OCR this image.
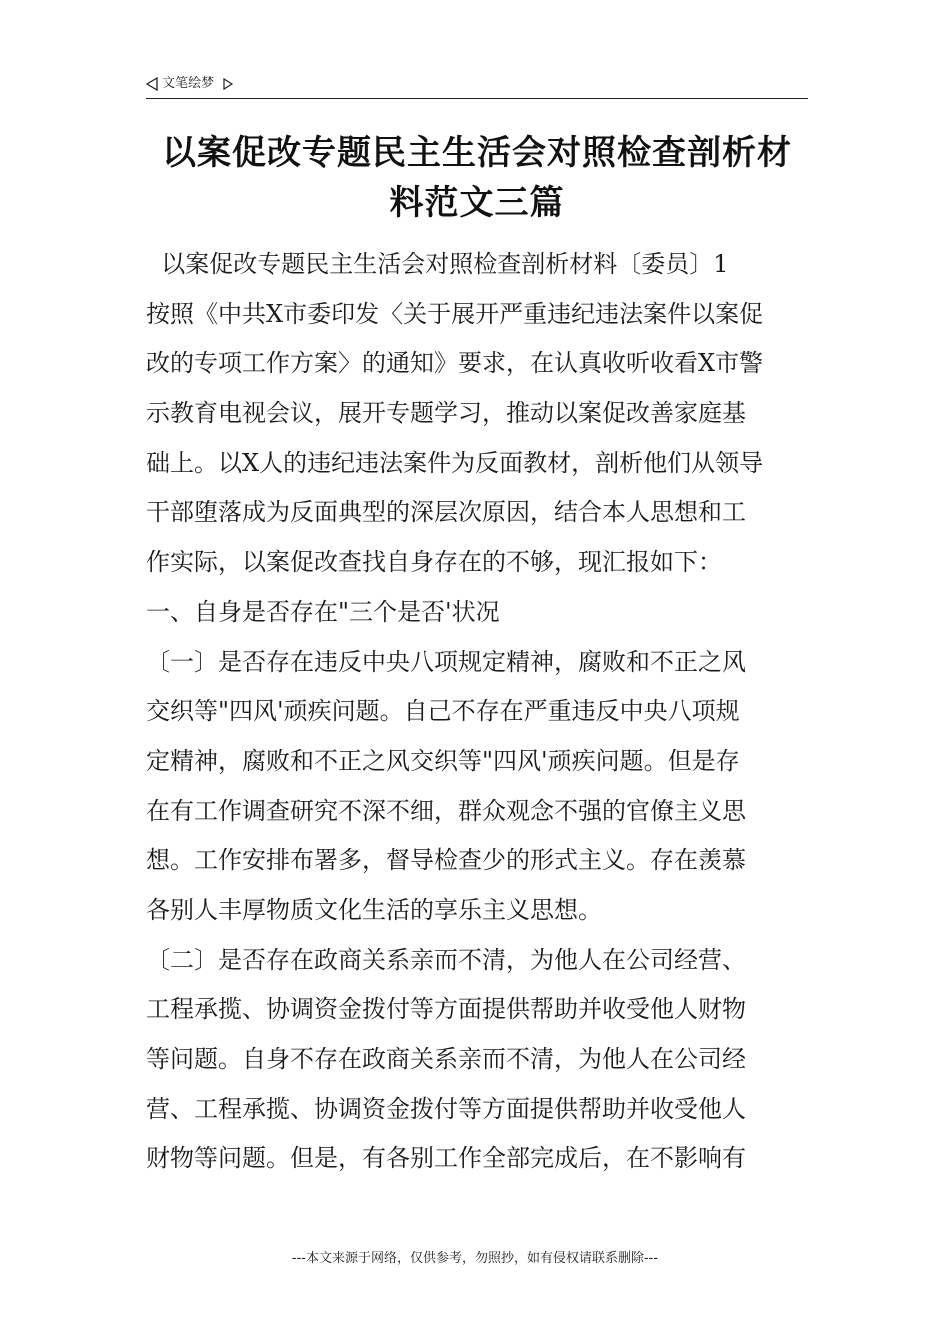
文笔绘梦
以案促改专题民主生活会对照检查剖析材
料范文三篇
以案促改专题民主生活会对照检查剖析材料〔委员〕1
按照《中共X市委印发〈关于展开严重违纪违法案件以案促
改的专项工作方案〉的通知》要求，在认真收听收看X市警
示教育电视会议，展开专题学习，推动以案促改善家庭基
础上。以X人的违纪违法案件为反面教材，剖析他们从领导
干部堕落成为反面典型的深层次原因，结合本人思想和工
作实际，以案促改查找自身存在的不够，现汇报如下：
一、自身是否存在"三个是否'状况
〔一〕是否存在违反中央八项规定精神，腐败和不正之风
交织等"四风'顽疾问题。自己不存在严重违反中央八项规
定精神，腐败和不正之风交织等"四风'顽疾问题。但是存
在有工作调查研究不深不细，群众观念不强的官僚主义思
想。工作安排布署多，督导检查少的形式主义。存在羡慕
各别人丰厚物质文化生活的享乐主义思想。
〔二〕是否存在政商关系亲而不清，为他人在公司经营、
工程承揽、协调资金拨付等方面提供帮助并收受他人财物
等问题。自身不存在政商关系亲而不清，为他人在公司经
营、工程承揽、协调资金拨付等方面提供帮助并收受他人
财物等问题。但是，有各别工作全部完成后，在不影响有
---本文来源于网络，仅供参考，勿照抄，如有侵权请联系删除---
